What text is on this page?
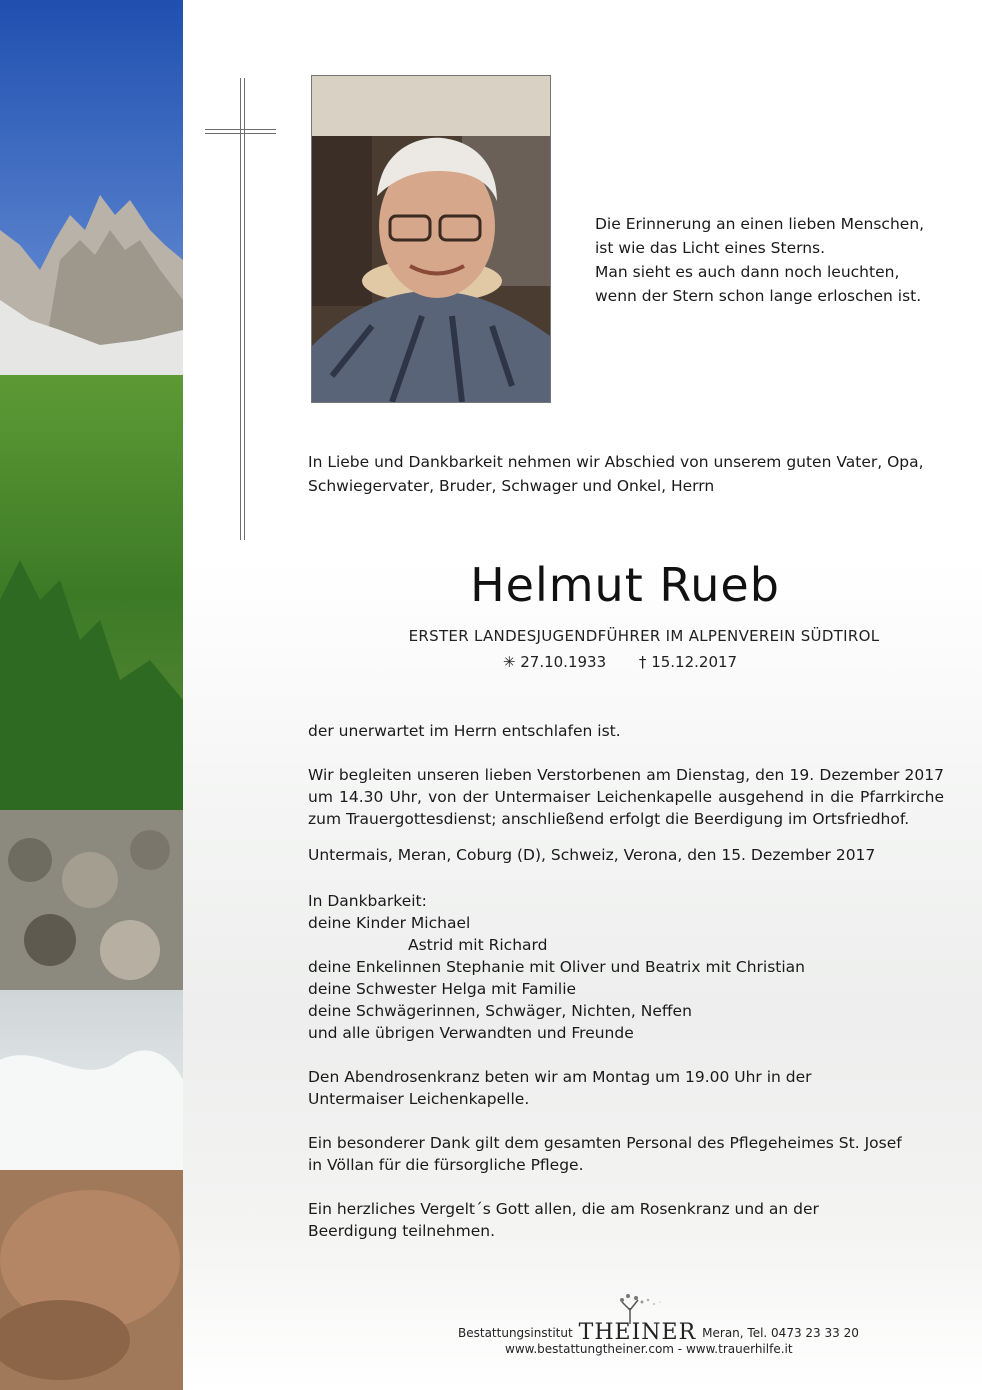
Die Erinnerung an einen lieben Menschen,
ist wie das Licht eines Sterns.
Man sieht es auch dann noch leuchten,
wenn der Stern schon lange erloschen ist.
In Liebe und Dankbarkeit nehmen wir Abschied von unserem guten Vater, Opa,
Schwiegervater, Bruder, Schwager und Onkel, Herrn
Helmut Rueb
ERSTER LANDESJUGENDFÜHRER IM ALPENVEREIN SÜDTIROL
✳ 27.10.1933 † 15.12.2017
der unerwartet im Herrn entschlafen ist.
Wir begleiten unseren lieben Verstorbenen am Dienstag, den 19. Dezember 2017 um 14.30 Uhr, von der Untermaiser Leichenkapelle ausgehend in die Pfarrkirche zum Trauergottesdienst; anschließend erfolgt die Beerdigung im Ortsfriedhof.
Untermais, Meran, Coburg (D), Schweiz, Verona, den 15. Dezember 2017
In Dankbarkeit:
deine Kinder Michael
Astrid mit Richard
deine Enkelinnen Stephanie mit Oliver und Beatrix mit Christian
deine Schwester Helga mit Familie
deine Schwägerinnen, Schwäger, Nichten, Neffen
und alle übrigen Verwandten und Freunde
Den Abendrosenkranz beten wir am Montag um 19.00 Uhr in der Untermaiser Leichenkapelle.
Ein besonderer Dank gilt dem gesamten Personal des Pflegeheimes St. Josef in Völlan für die fürsorgliche Pflege.
Ein herzliches Vergelt´s Gott allen, die am Rosenkranz und an der Beerdigung teilnehmen.
Bestattungsinstitut THEINER Meran, Tel. 0473 23 33 20
www.bestattungtheiner.com - www.trauerhilfe.it
